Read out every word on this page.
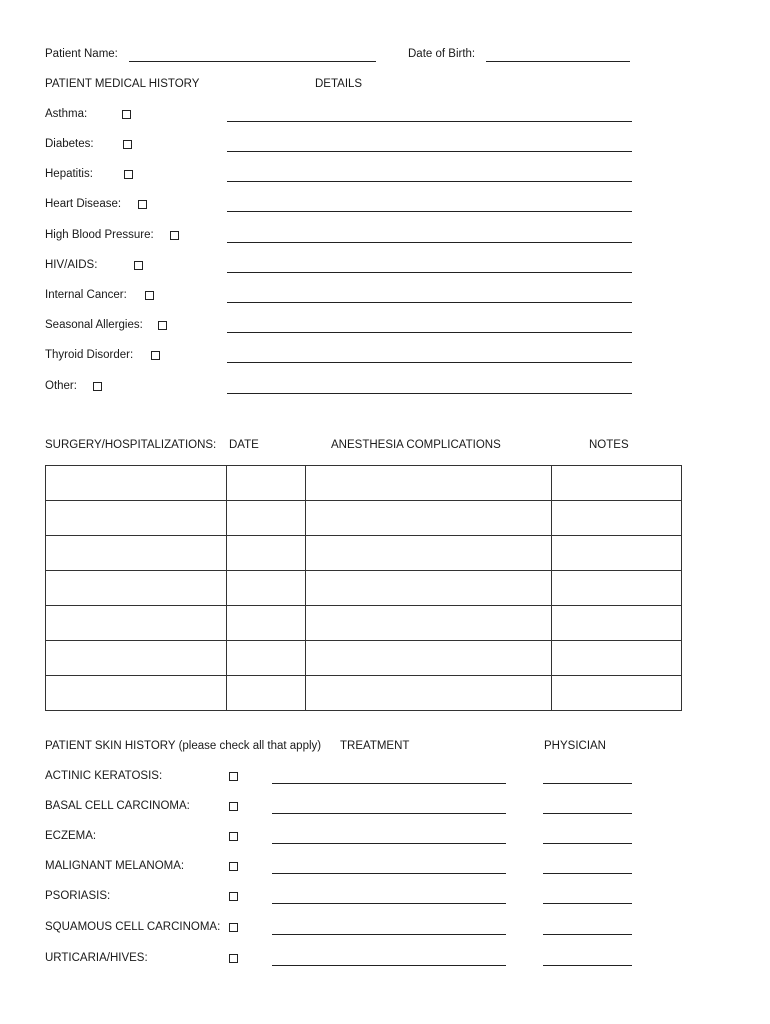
Patient Name:	Date of Birth:
PATIENT MEDICAL HISTORY	DETAILS
Asthma:
Diabetes:
Hepatitis:
Heart Disease:
High Blood Pressure:
HIV/AIDS:
Internal Cancer:
Seasonal Allergies:
Thyroid Disorder:
Other:
SURGERY/HOSPITALIZATIONS: DATE	ANESTHESIA COMPLICATIONS	NOTES

PATIENT SKIN HISTORY (please check all that apply) TREATMENT	PHYSICIAN
ACTINIC KERATOSIS:
BASAL CELL CARCINOMA:
ECZEMA:
MALIGNANT MELANOMA:
PSORIASIS:
SQUAMOUS CELL CARCINOMA:
URTICARIA/HIVES:
